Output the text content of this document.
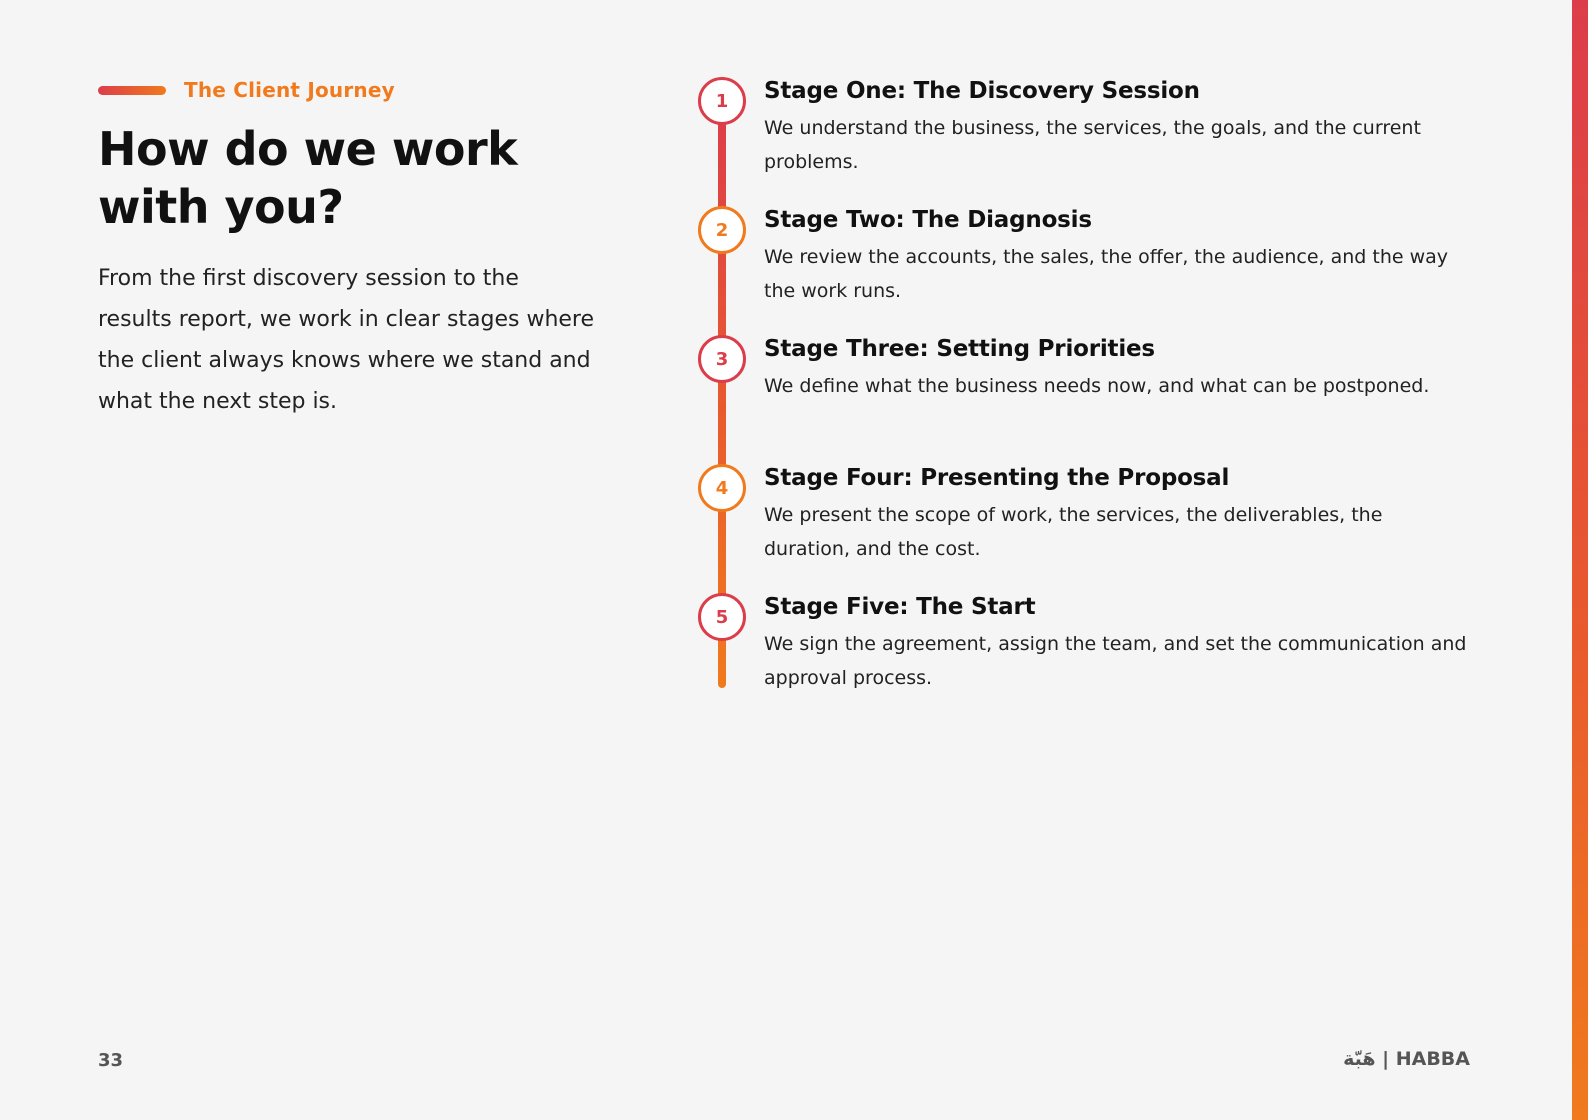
The Client Journey
How do we work with you?

From the first discovery session to the results report, we work in clear stages where the client always knows where we stand and what the next step is.

1	Stage One: The Discovery Session
We understand the business, the services, the goals, and the current problems.
2	Stage Two: The Diagnosis
We review the accounts, the sales, the offer, the audience, and the way the work runs.
3	Stage Three: Setting Priorities
We define what the business needs now, and what can be postponed.
4	Stage Four: Presenting the Proposal
We present the scope of work, the services, the deliverables, the duration, and the cost.
5	Stage Five: The Start
We sign the agreement, assign the team, and set the communication and approval process.
33	هَبّة | HABBA
